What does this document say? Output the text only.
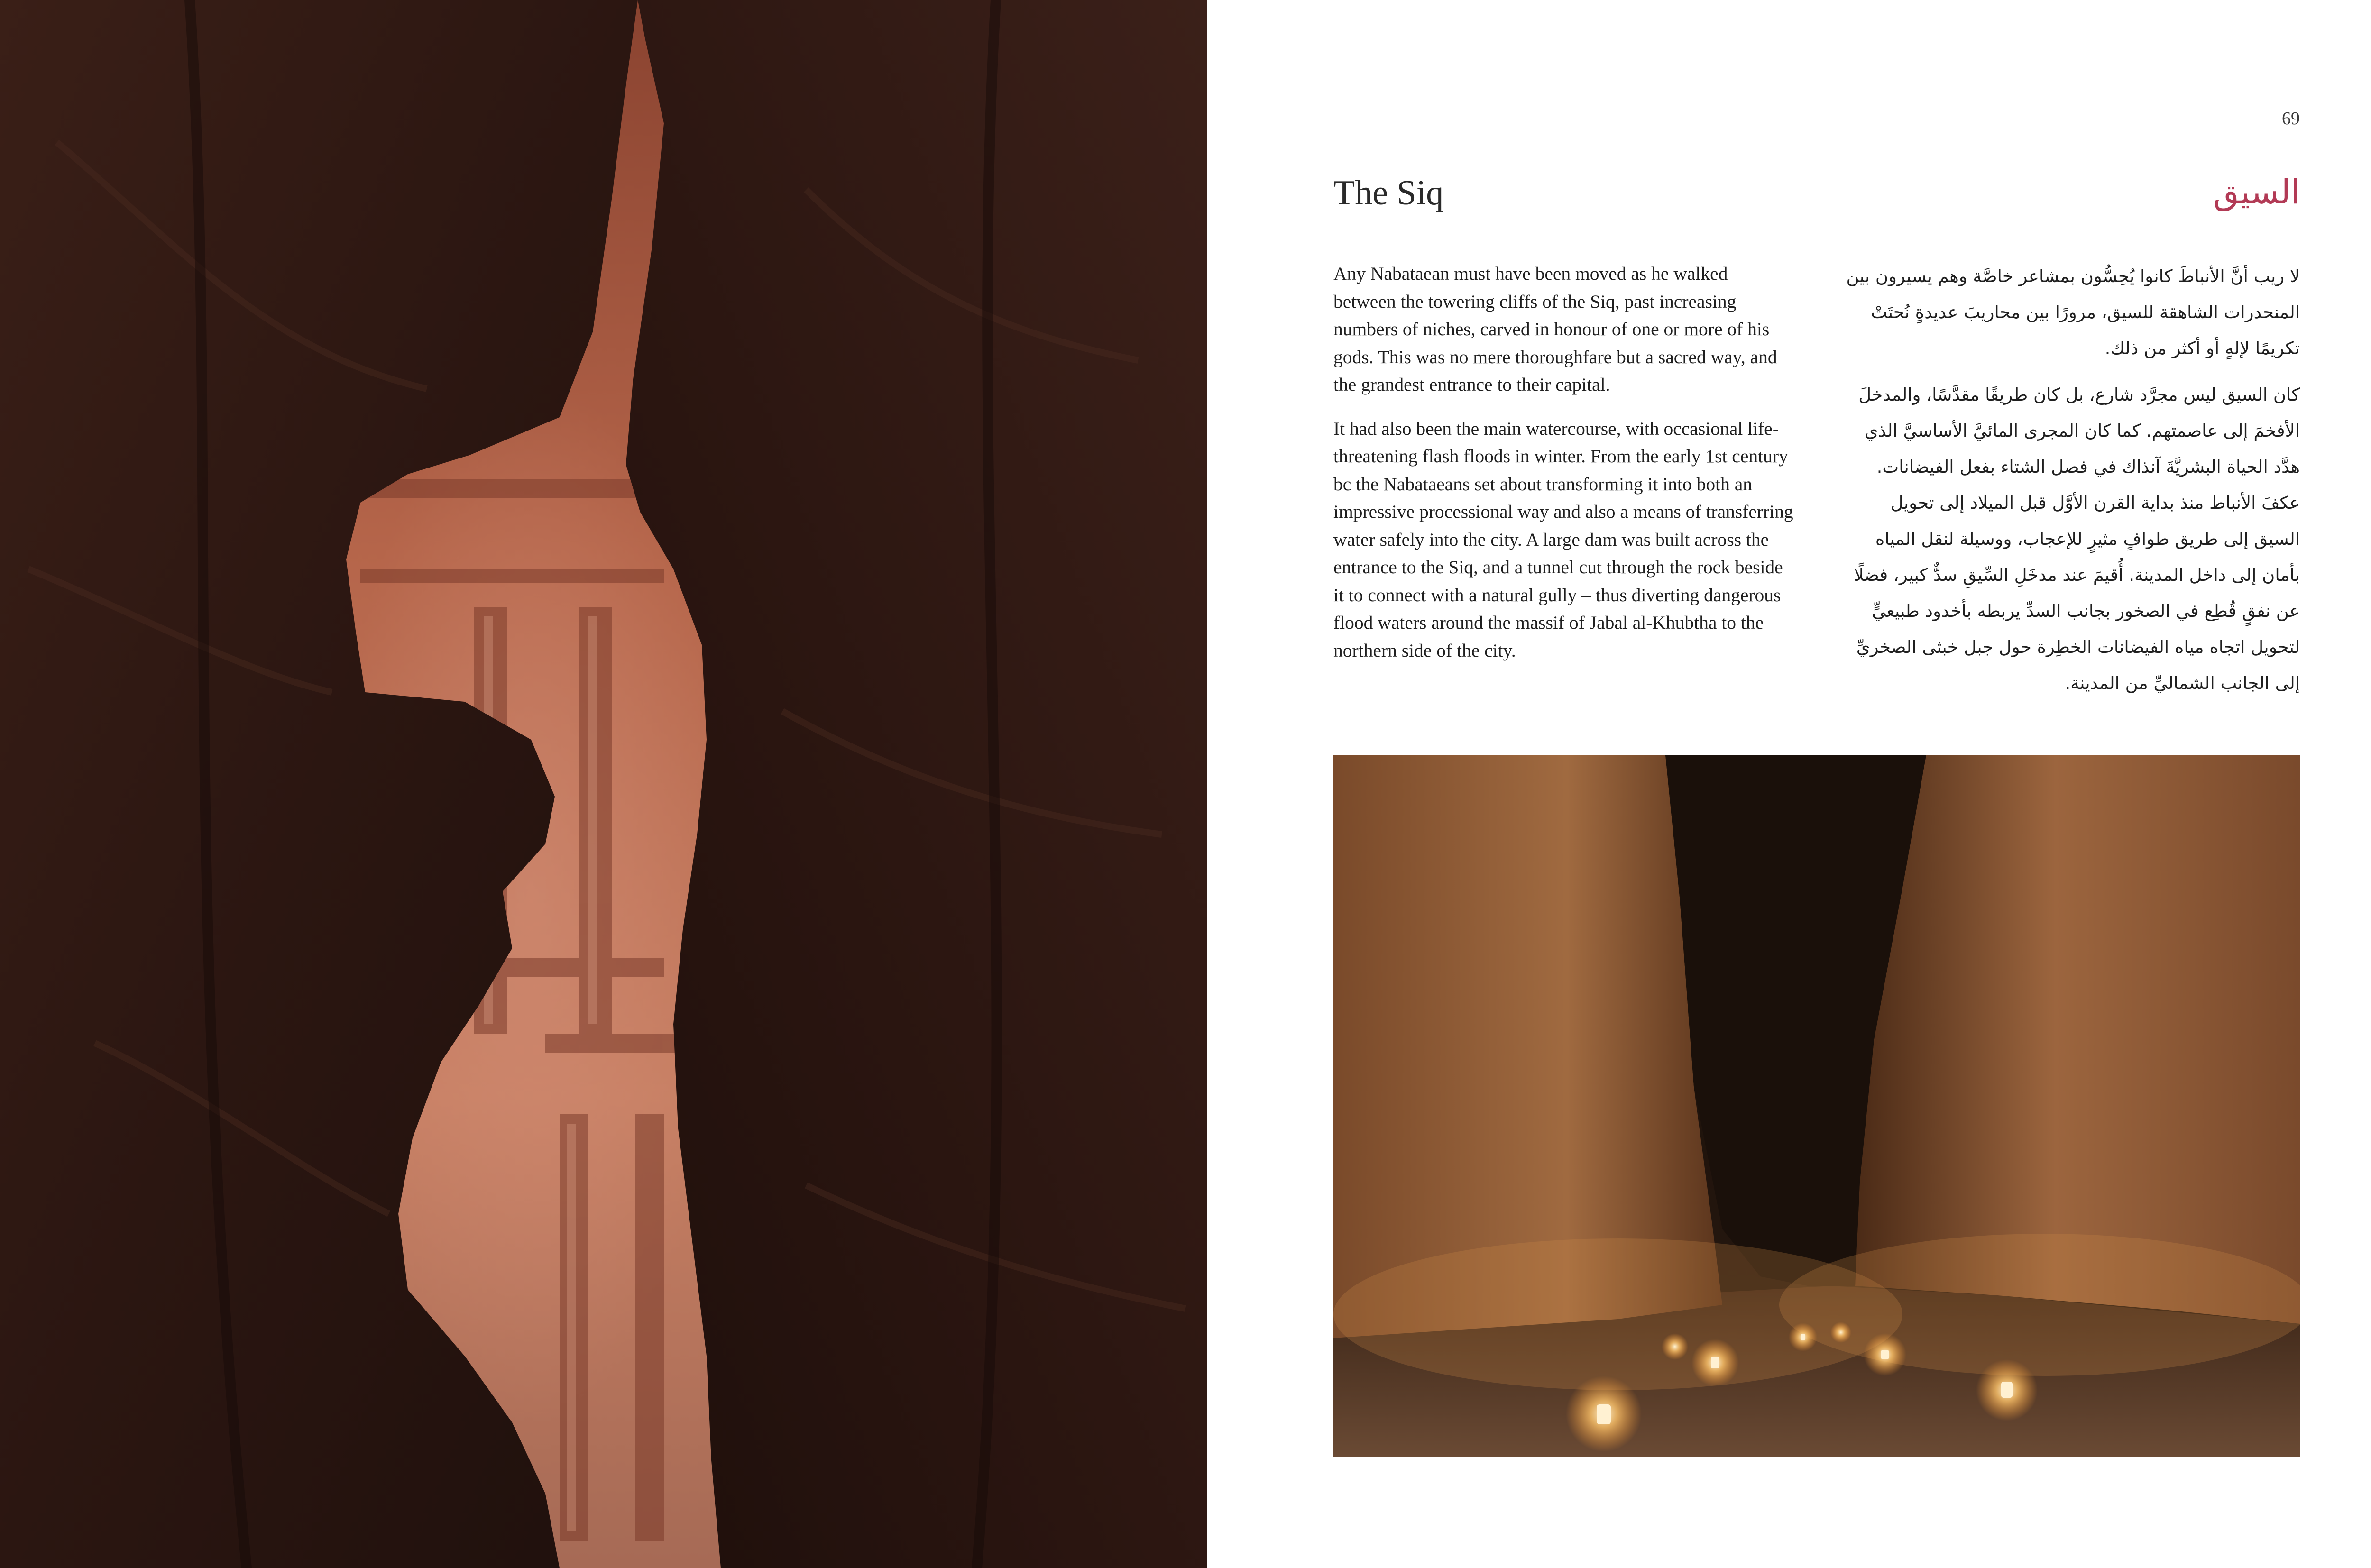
69
The Siq	السيق

Any Nabataean must have been moved as he walked between the towering cliffs of the Siq, past increasing numbers of niches, carved in honour of one or more of his gods. This was no mere thoroughfare but a sacred way, and the grandest entrance to their capital.

It had also been the main watercourse, with occasional life-threatening flash floods in winter. From the early 1st century bc the Nabataeans set about transforming it into both an impressive processional way and also a means of transferring water safely into the city. A large dam was built across the entrance to the Siq, and a tunnel cut through the rock beside it to connect with a natural gully – thus diverting dangerous flood waters around the massif of Jabal al-Khubtha to the northern side of the city.

لا ريب أنَّ الأنباطَ كانوا يُحِسُّون بمشاعر خاصَّة وهم يسيرون بين المنحدرات الشاهقة للسيق، مرورًا بين محاريبَ عديدةٍ نُحتَتْ تكريمًا لإلهٍ أو أكثر من ذلك.

كان السيق ليس مجرَّد شارع، بل كان طريقًا مقدَّسًا، والمدخلَ الأفخمَ إلى عاصمتهم. كما كان المجرى المائيَّ الأساسيَّ الذي هدَّد الحياة البشريَّةَ آنذاك في فصل الشتاء بفعل الفيضانات. عكفَ الأنباط منذ بداية القرن الأوَّل قبل الميلاد إلى تحويل السيق إلى طريق طوافٍ مثيرٍ للإعجاب، ووسيلة لنقل المياه بأمان إلى داخل المدينة. أُقيمَ عند مدخَلِ السِّيقِ سدٌّ كبير، فضلًا عن نفقٍ قُطِع في الصخور بجانب السدِّ يربطه بأخدود طبيعيٍّ لتحويل اتجاه مياه الفيضانات الخطِرة حول جبل خبثى الصخريِّ إلى الجانب الشماليِّ من المدينة.
